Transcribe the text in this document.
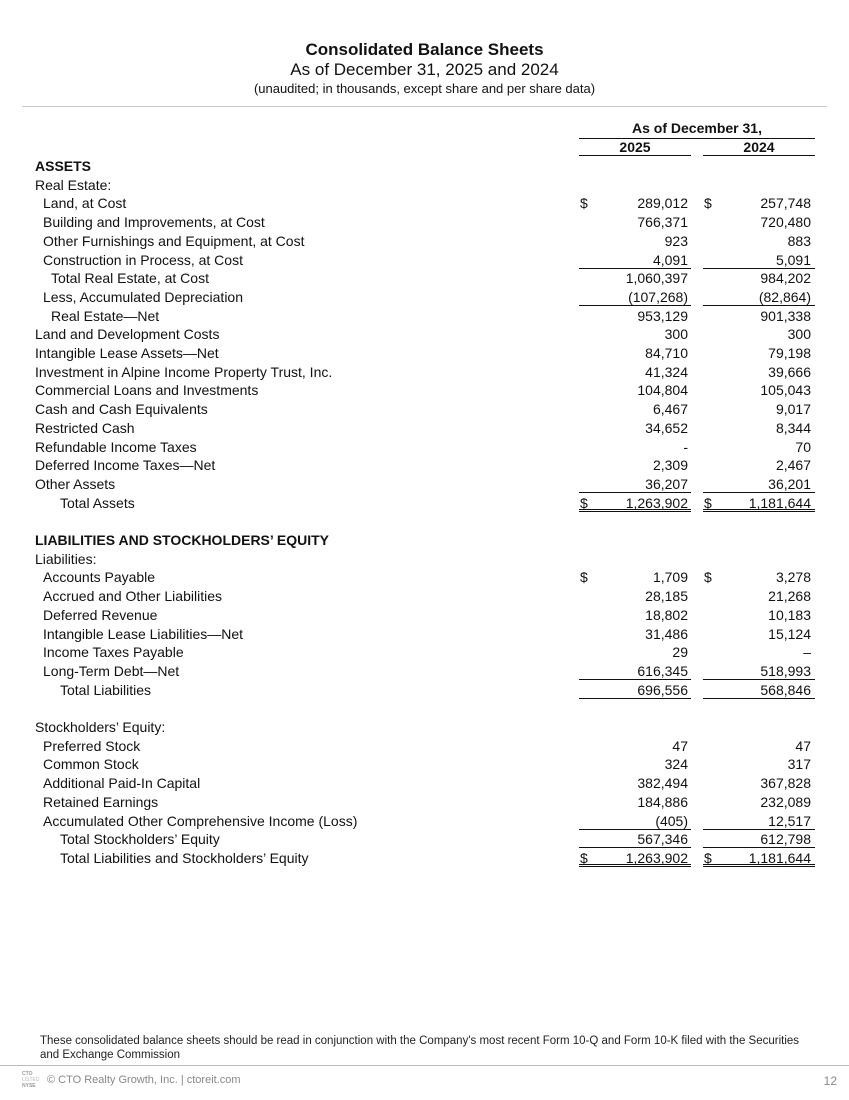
Consolidated Balance Sheets
As of December 31, 2025 and 2024
(unaudited; in thousands, except share and per share data)
As of December 31,
2025	2024
ASSETS
Real Estate:
Land, at Cost	$	289,012 $	257,748
Building and Improvements, at Cost	766,371	720,480
Other Furnishings and Equipment, at Cost	923	883
Construction in Process, at Cost	4,091	5,091
Total Real Estate, at Cost	1,060,397	984,202
Less, Accumulated Depreciation	(107,268)	(82,864)
Real Estate—Net	953,129	901,338
Land and Development Costs	300	300
Intangible Lease Assets—Net	84,710	79,198
Investment in Alpine Income Property Trust, Inc.	41,324	39,666
Commercial Loans and Investments	104,804	105,043
Cash and Cash Equivalents	6,467	9,017
Restricted Cash	34,652	8,344
Refundable Income Taxes	-	70
Deferred Income Taxes—Net	2,309	2,467
Other Assets	36,207	36,201
Total Assets	$	1,263,902 $	1,181,644
LIABILITIES AND STOCKHOLDERS’ EQUITY
Liabilities:
Accounts Payable	$	1,709 $	3,278
Accrued and Other Liabilities	28,185	21,268
Deferred Revenue	18,802	10,183
Intangible Lease Liabilities—Net	31,486	15,124
Income Taxes Payable	29	–
Long-Term Debt—Net	616,345	518,993
Total Liabilities	696,556	568,846
Stockholders’ Equity:
Preferred Stock	47	47
Common Stock	324	317
Additional Paid-In Capital	382,494	367,828
Retained Earnings	184,886	232,089
Accumulated Other Comprehensive Income (Loss)	(405)	12,517
Total Stockholders’ Equity	567,346	612,798
Total Liabilities and Stockholders’ Equity	$	1,263,902 $	1,181,644
These consolidated balance sheets should be read in conjunction with the Company's most recent Form 10-Q and Form 10-K filed with the Securities and Exchange Commission
CTO
LISTED
NYSE	© CTO Realty Growth, Inc. | ctoreit.com	12
